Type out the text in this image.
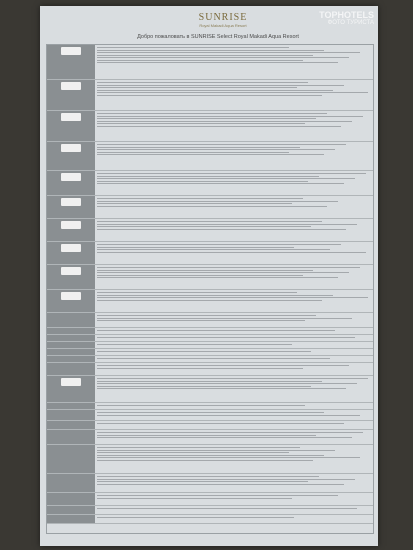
SUNRISE
Royal Makadi Aqua Resort
TOPHOTELS
ФОТО ТУРИСТА
Добро пожаловать в SUNRISE Select Royal Makadi Aqua Resort
